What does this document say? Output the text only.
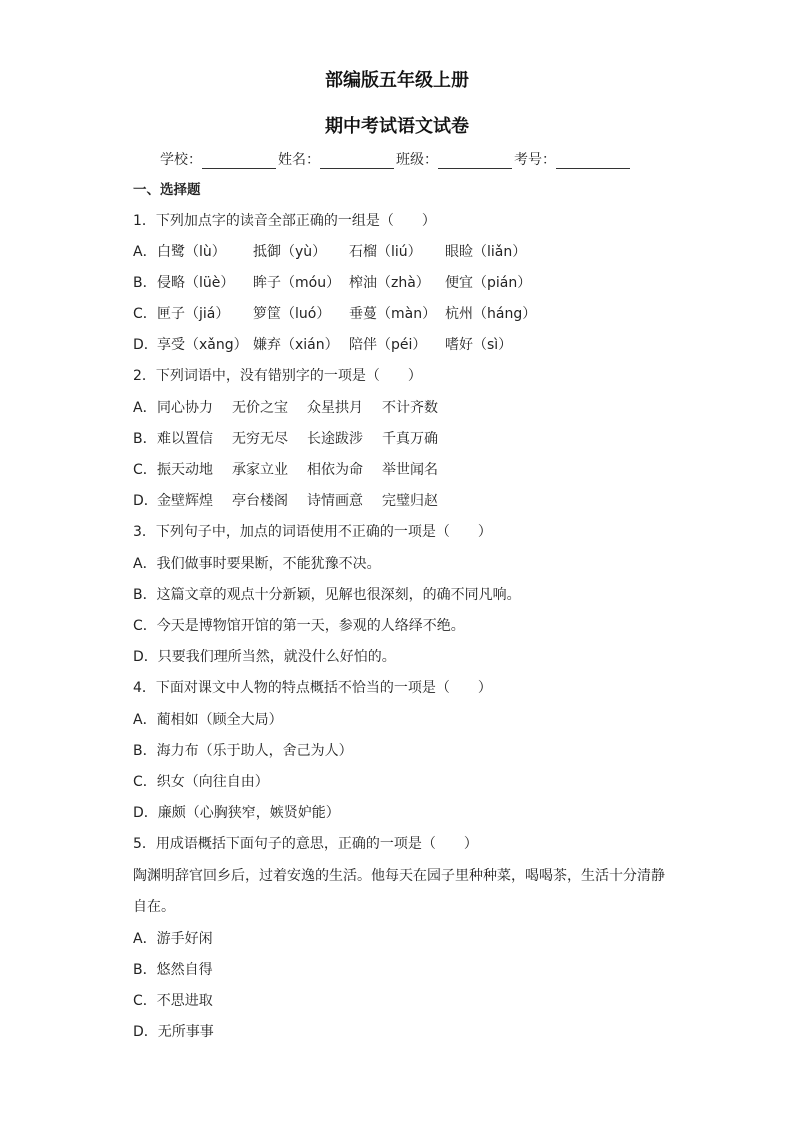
部编版五年级上册
期中考试语文试卷
学校：	姓名：	班级：	考号：
一、选择题
1．下列加点字的读音全部正确的一组是（　　）
A． 白鹭（lù）	抵御（yù）	石榴（liú）	眼睑（liǎn）
B． 侵略（lüè）	眸子（móu） 榨油（zhà）	便宜（pián）
C． 匣子（jiá）	箩筐（luó）	垂蔓（màn） 杭州（háng）
D． 享受（xǎng） 嫌弃（xián） 陪伴（péi）	嗜好（sì）
2．下列词语中，没有错别字的一项是（　　）
A． 同心协力	无价之宝	众星拱月	不计齐数
B． 难以置信	无穷无尽	长途跋涉	千真万确
C． 振天动地	承家立业	相依为命	举世闻名
D． 金壁辉煌	亭台楼阁	诗情画意	完璧归赵
3．下列句子中，加点的词语使用不正确的一项是（　　）
A．我们做事时要果断，不能犹豫不决。
B．这篇文章的观点十分新颖，见解也很深刻，的确不同凡响。
C．今天是博物馆开馆的第一天，参观的人络绎不绝。
D．只要我们理所当然，就没什么好怕的。
4．下面对课文中人物的特点概括不恰当的一项是（　　）
A．蔺相如（顾全大局）
B．海力布（乐于助人，舍己为人）
C．织女（向往自由）
D．廉颇（心胸狭窄，嫉贤妒能）
5．用成语概括下面句子的意思，正确的一项是（　　）
陶渊明辞官回乡后，过着安逸的生活。他每天在园子里种种菜，喝喝茶，生活十分清静
自在。
A．游手好闲
B．悠然自得
C．不思进取
D．无所事事
